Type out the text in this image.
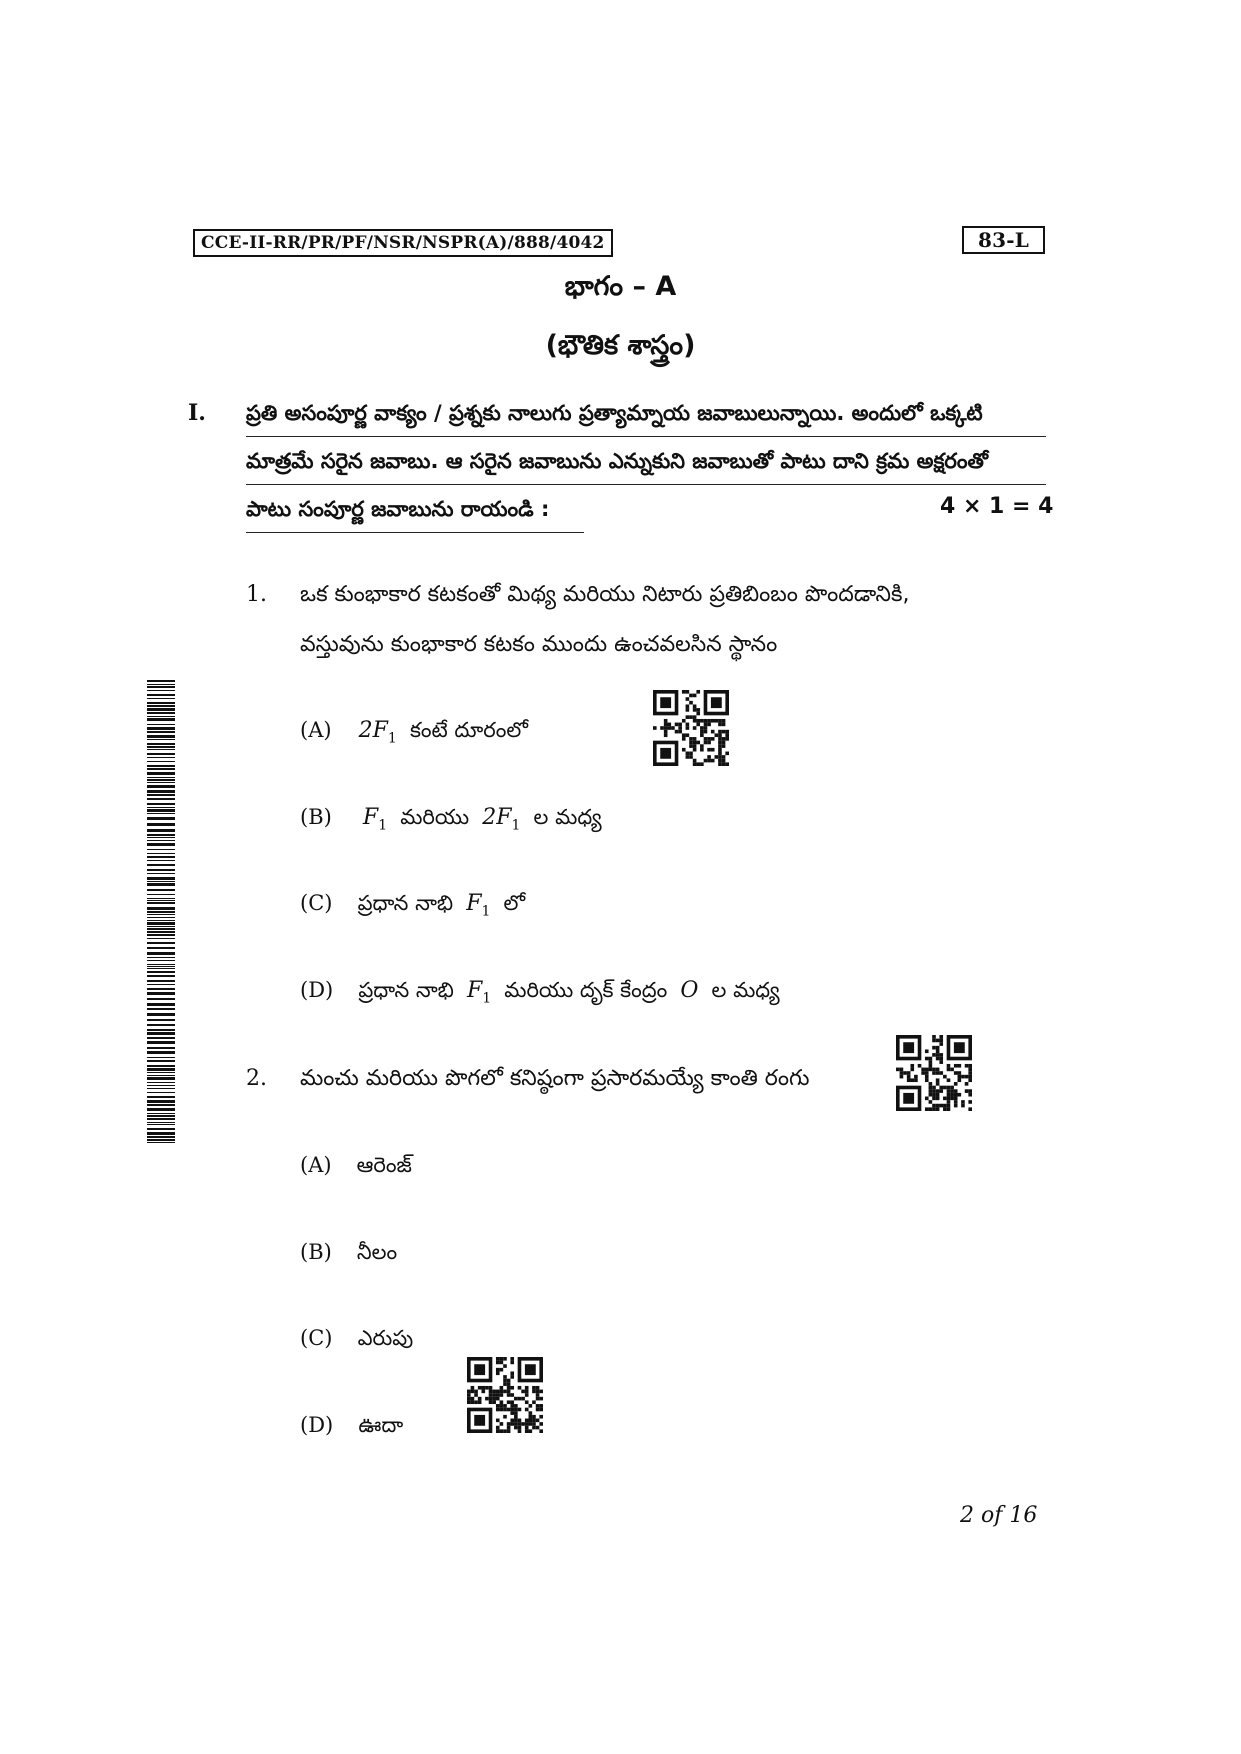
CCE-II-RR/PR/PF/NSR/NSPR(A)/888/4042	83-L
భాగం – A
(భౌతిక శాస్త్రం)
I. ప్రతి అసంపూర్ణ వాక్యం / ప్రశ్నకు నాలుగు ప్రత్యామ్నాయ జవాబులున్నాయి. అందులో ఒక్కటి
మాత్రమే సరైన జవాబు. ఆ సరైన జవాబును ఎన్నుకుని జవాబుతో పాటు దాని క్రమ అక్షరంతో
పాటు సంపూర్ణ జవాబును రాయండి :	4 × 1 = 4
1. ఒక కుంభాకార కటకంతో మిథ్య మరియు నిటారు ప్రతిబింబం పొందడానికి,
వస్తువును కుంభాకార కటకం ముందు ఉంచవలసిన స్థానం
(A) $2F_1$ కంటే దూరంలో
(B) $F_1$ మరియు $2F_1$ ల మధ్య
(C) ప్రధాన నాభి $F_1$ లో
(D) ప్రధాన నాభి $F_1$ మరియు దృక్ కేంద్రం O ల మధ్య
2. మంచు మరియు పొగలో కనిష్ఠంగా ప్రసారమయ్యే కాంతి రంగు
(A) ఆరెంజ్
(B) నీలం
(C) ఎరుపు
(D) ఊదా
2 of 16
